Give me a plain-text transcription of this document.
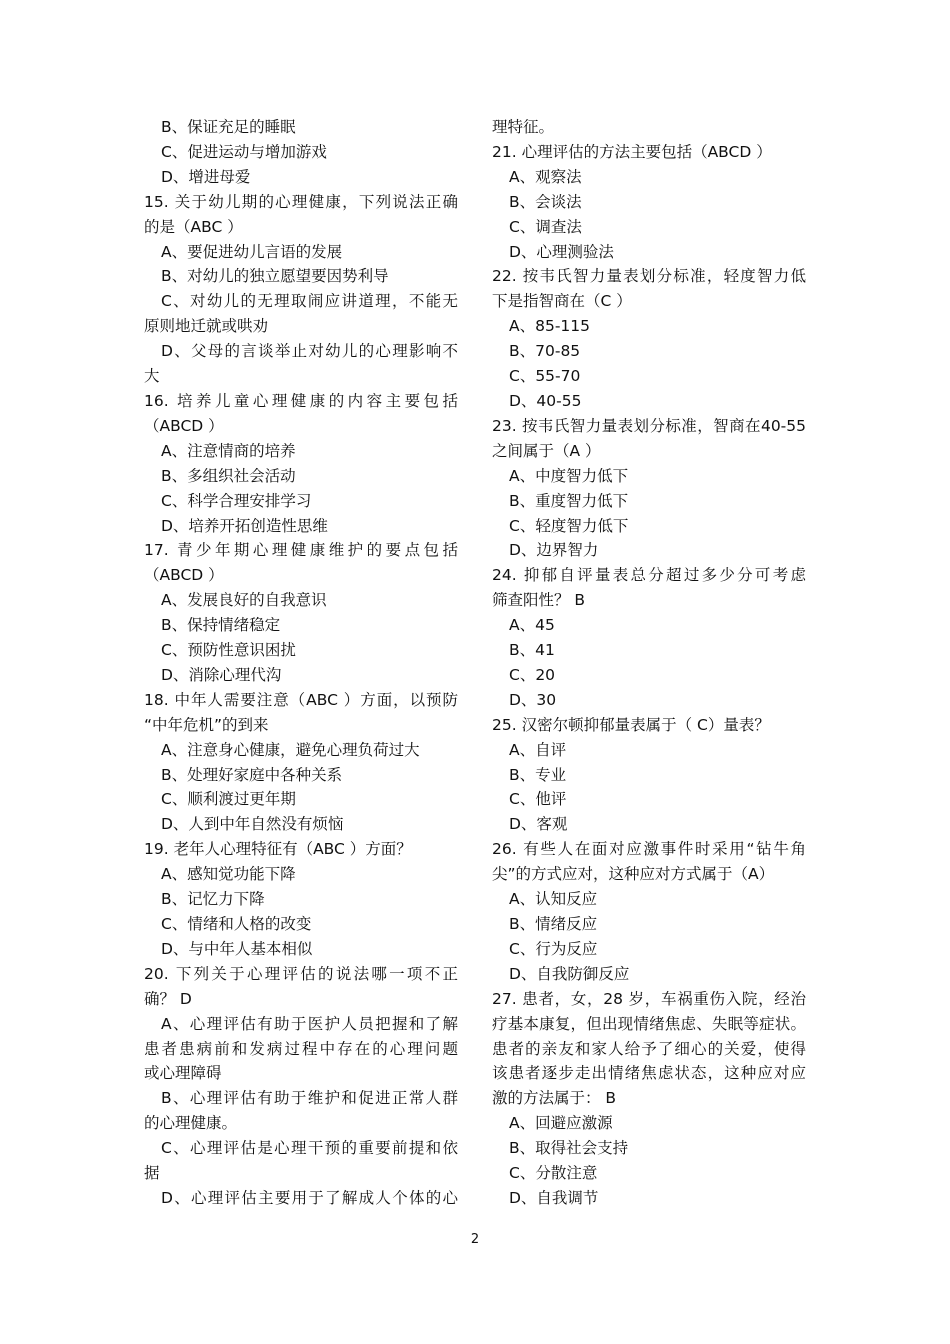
B、保证充足的睡眠
C、促进运动与增加游戏
D、增进母爱
15. 关于幼儿期的心理健康，下列说法正确
的是（ABC ）
A、要促进幼儿言语的发展
B、对幼儿的独立愿望要因势利导
C、对幼儿的无理取闹应讲道理，不能无
原则地迁就或哄劝
D、父母的言谈举止对幼儿的心理影响不
大
16. 培养儿童心理健康的内容主要包括
（ABCD ）
A、注意情商的培养
B、多组织社会活动
C、科学合理安排学习
D、培养开拓创造性思维
17. 青少年期心理健康维护的要点包括
（ABCD ）
A、发展良好的自我意识
B、保持情绪稳定
C、预防性意识困扰
D、消除心理代沟
18. 中年人需要注意（ABC ）方面，以预防
“中年危机”的到来
A、注意身心健康，避免心理负荷过大
B、处理好家庭中各种关系
C、顺利渡过更年期
D、人到中年自然没有烦恼
19. 老年人心理特征有（ABC ）方面？
A、感知觉功能下降
B、记忆力下降
C、情绪和人格的改变
D、与中年人基本相似
20. 下列关于心理评估的说法哪一项不正
确？ D
A、心理评估有助于医护人员把握和了解
患者患病前和发病过程中存在的心理问题
或心理障碍
B、心理评估有助于维护和促进正常人群
的心理健康。
C、心理评估是心理干预的重要前提和依
据
D、心理评估主要用于了解成人个体的心
理特征。
21. 心理评估的方法主要包括（ABCD ）
A、观察法
B、会谈法
C、调查法
D、心理测验法
22. 按韦氏智力量表划分标准，轻度智力低
下是指智商在（C ）
A、85-115
B、70-85
C、55-70
D、40-55
23. 按韦氏智力量表划分标准，智商在40-55
之间属于（A ）
A、中度智力低下
B、重度智力低下
C、轻度智力低下
D、边界智力
24. 抑郁自评量表总分超过多少分可考虑
筛查阳性？ B
A、45
B、41
C、20
D、30
25. 汉密尔顿抑郁量表属于（ C）量表？
A、自评
B、专业
C、他评
D、客观
26. 有些人在面对应激事件时采用“钻牛角
尖”的方式应对，这种应对方式属于（A）
A、认知反应
B、情绪反应
C、行为反应
D、自我防御反应
27. 患者，女，28 岁，车祸重伤入院，经治
疗基本康复，但出现情绪焦虑、失眠等症状。
患者的亲友和家人给予了细心的关爱，使得
该患者逐步走出情绪焦虑状态，这种应对应
激的方法属于： B
A、回避应激源
B、取得社会支持
C、分散注意
D、自我调节
2
